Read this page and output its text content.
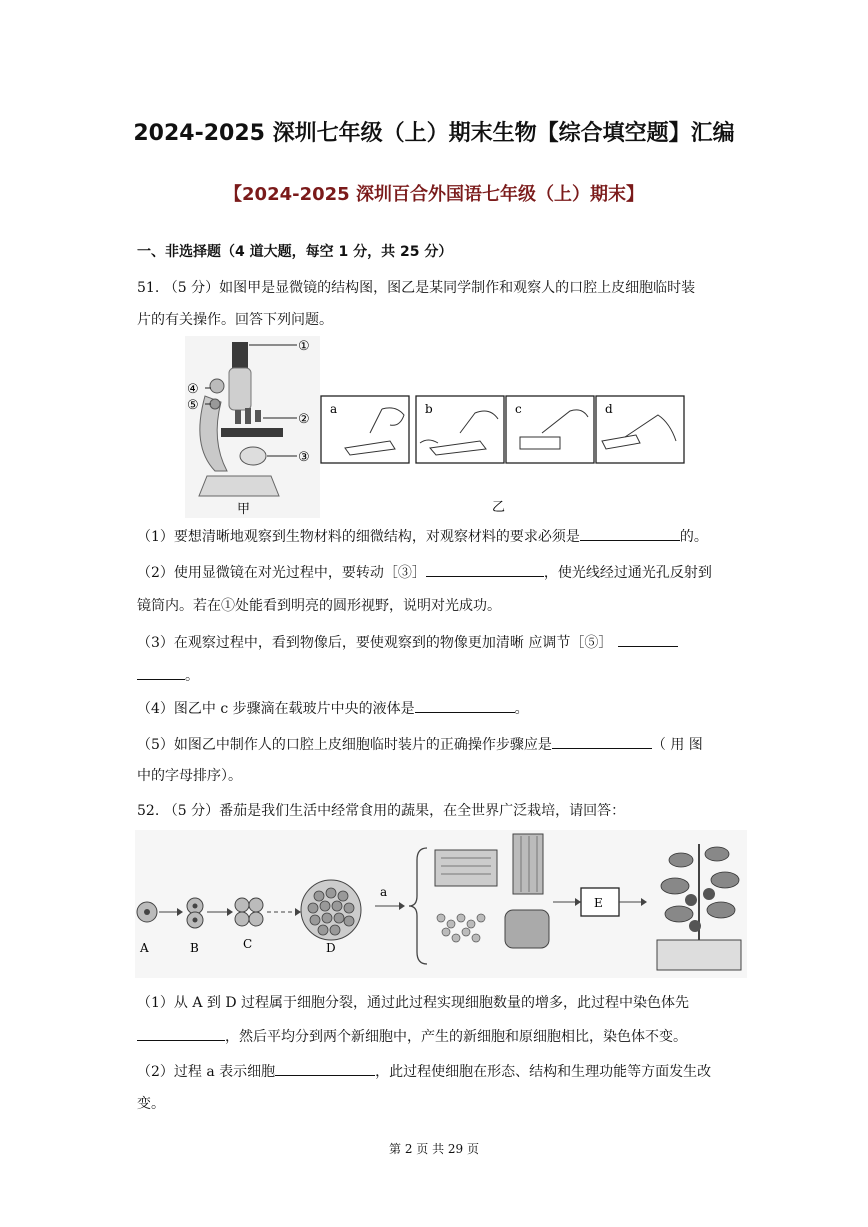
2024-2025 深圳七年级（上）期末生物【综合填空题】汇编
【2024-2025 深圳百合外国语七年级（上）期末】
一、非选择题（4 道大题，每空 1 分，共 25 分）
51. （5 分）如图甲是显微镜的结构图，图乙是某同学制作和观察人的口腔上皮细胞临时装
片的有关操作。回答下列问题。
①
②
③
④
⑤
甲
a	b	c	d
乙
（1）要想清晰地观察到生物材料的细微结构，对观察材料的要求必须是	的。
（2）使用显微镜在对光过程中，要转动［③］	，使光线经过通光孔反射到
镜筒内。若在①处能看到明亮的圆形视野，说明对光成功。
（3）在观察过程中，看到物像后，要使观察到的物像更加清晰 应调节［⑤］
。
（4）图乙中 c 步骤滴在载玻片中央的液体是	。
（5）如图乙中制作人的口腔上皮细胞临时装片的正确操作步骤应是	（ 用 图
中的字母排序）。
52. （5 分）番茄是我们生活中经常食用的蔬果，在全世界广泛栽培，请回答：
A	B	C	D
a
E
（1）从 A 到 D 过程属于细胞分裂，通过此过程实现细胞数量的增多，此过程中染色体先
，然后平均分到两个新细胞中，产生的新细胞和原细胞相比，染色体不变。
（2）过程 a 表示细胞	，此过程使细胞在形态、结构和生理功能等方面发生改
变。
第 2 页 共 29 页
